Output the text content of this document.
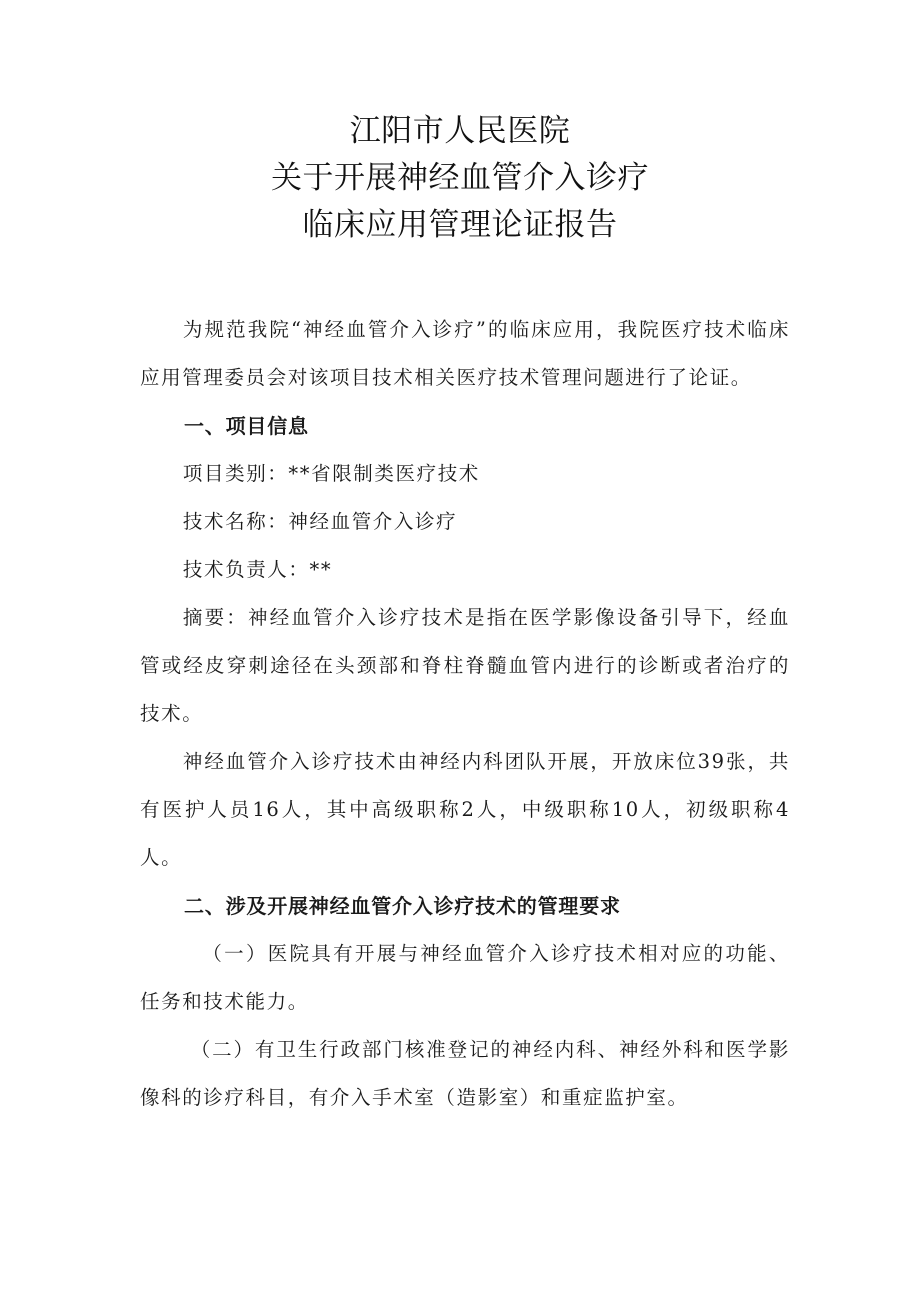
江阳市人民医院
关于开展神经血管介入诊疗
临床应用管理论证报告

为规范我院“神经血管介入诊疗”的临床应用，我院医疗技术临床应用管理委员会对该项目技术相关医疗技术管理问题进行了论证。

一、项目信息

项目类别：**省限制类医疗技术

技术名称：神经血管介入诊疗

技术负责人：**

摘要：神经血管介入诊疗技术是指在医学影像设备引导下，经血管或经皮穿刺途径在头颈部和脊柱脊髓血管内进行的诊断或者治疗的技术。

神经血管介入诊疗技术由神经内科团队开展，开放床位39张，共有医护人员16人，其中高级职称2人，中级职称10人，初级职称4人。

二、涉及开展神经血管介入诊疗技术的管理要求

（一）医院具有开展与神经血管介入诊疗技术相对应的功能、任务和技术能力。

（二）有卫生行政部门核准登记的神经内科、神经外科和医学影像科的诊疗科目，有介入手术室（造影室）和重症监护室。
